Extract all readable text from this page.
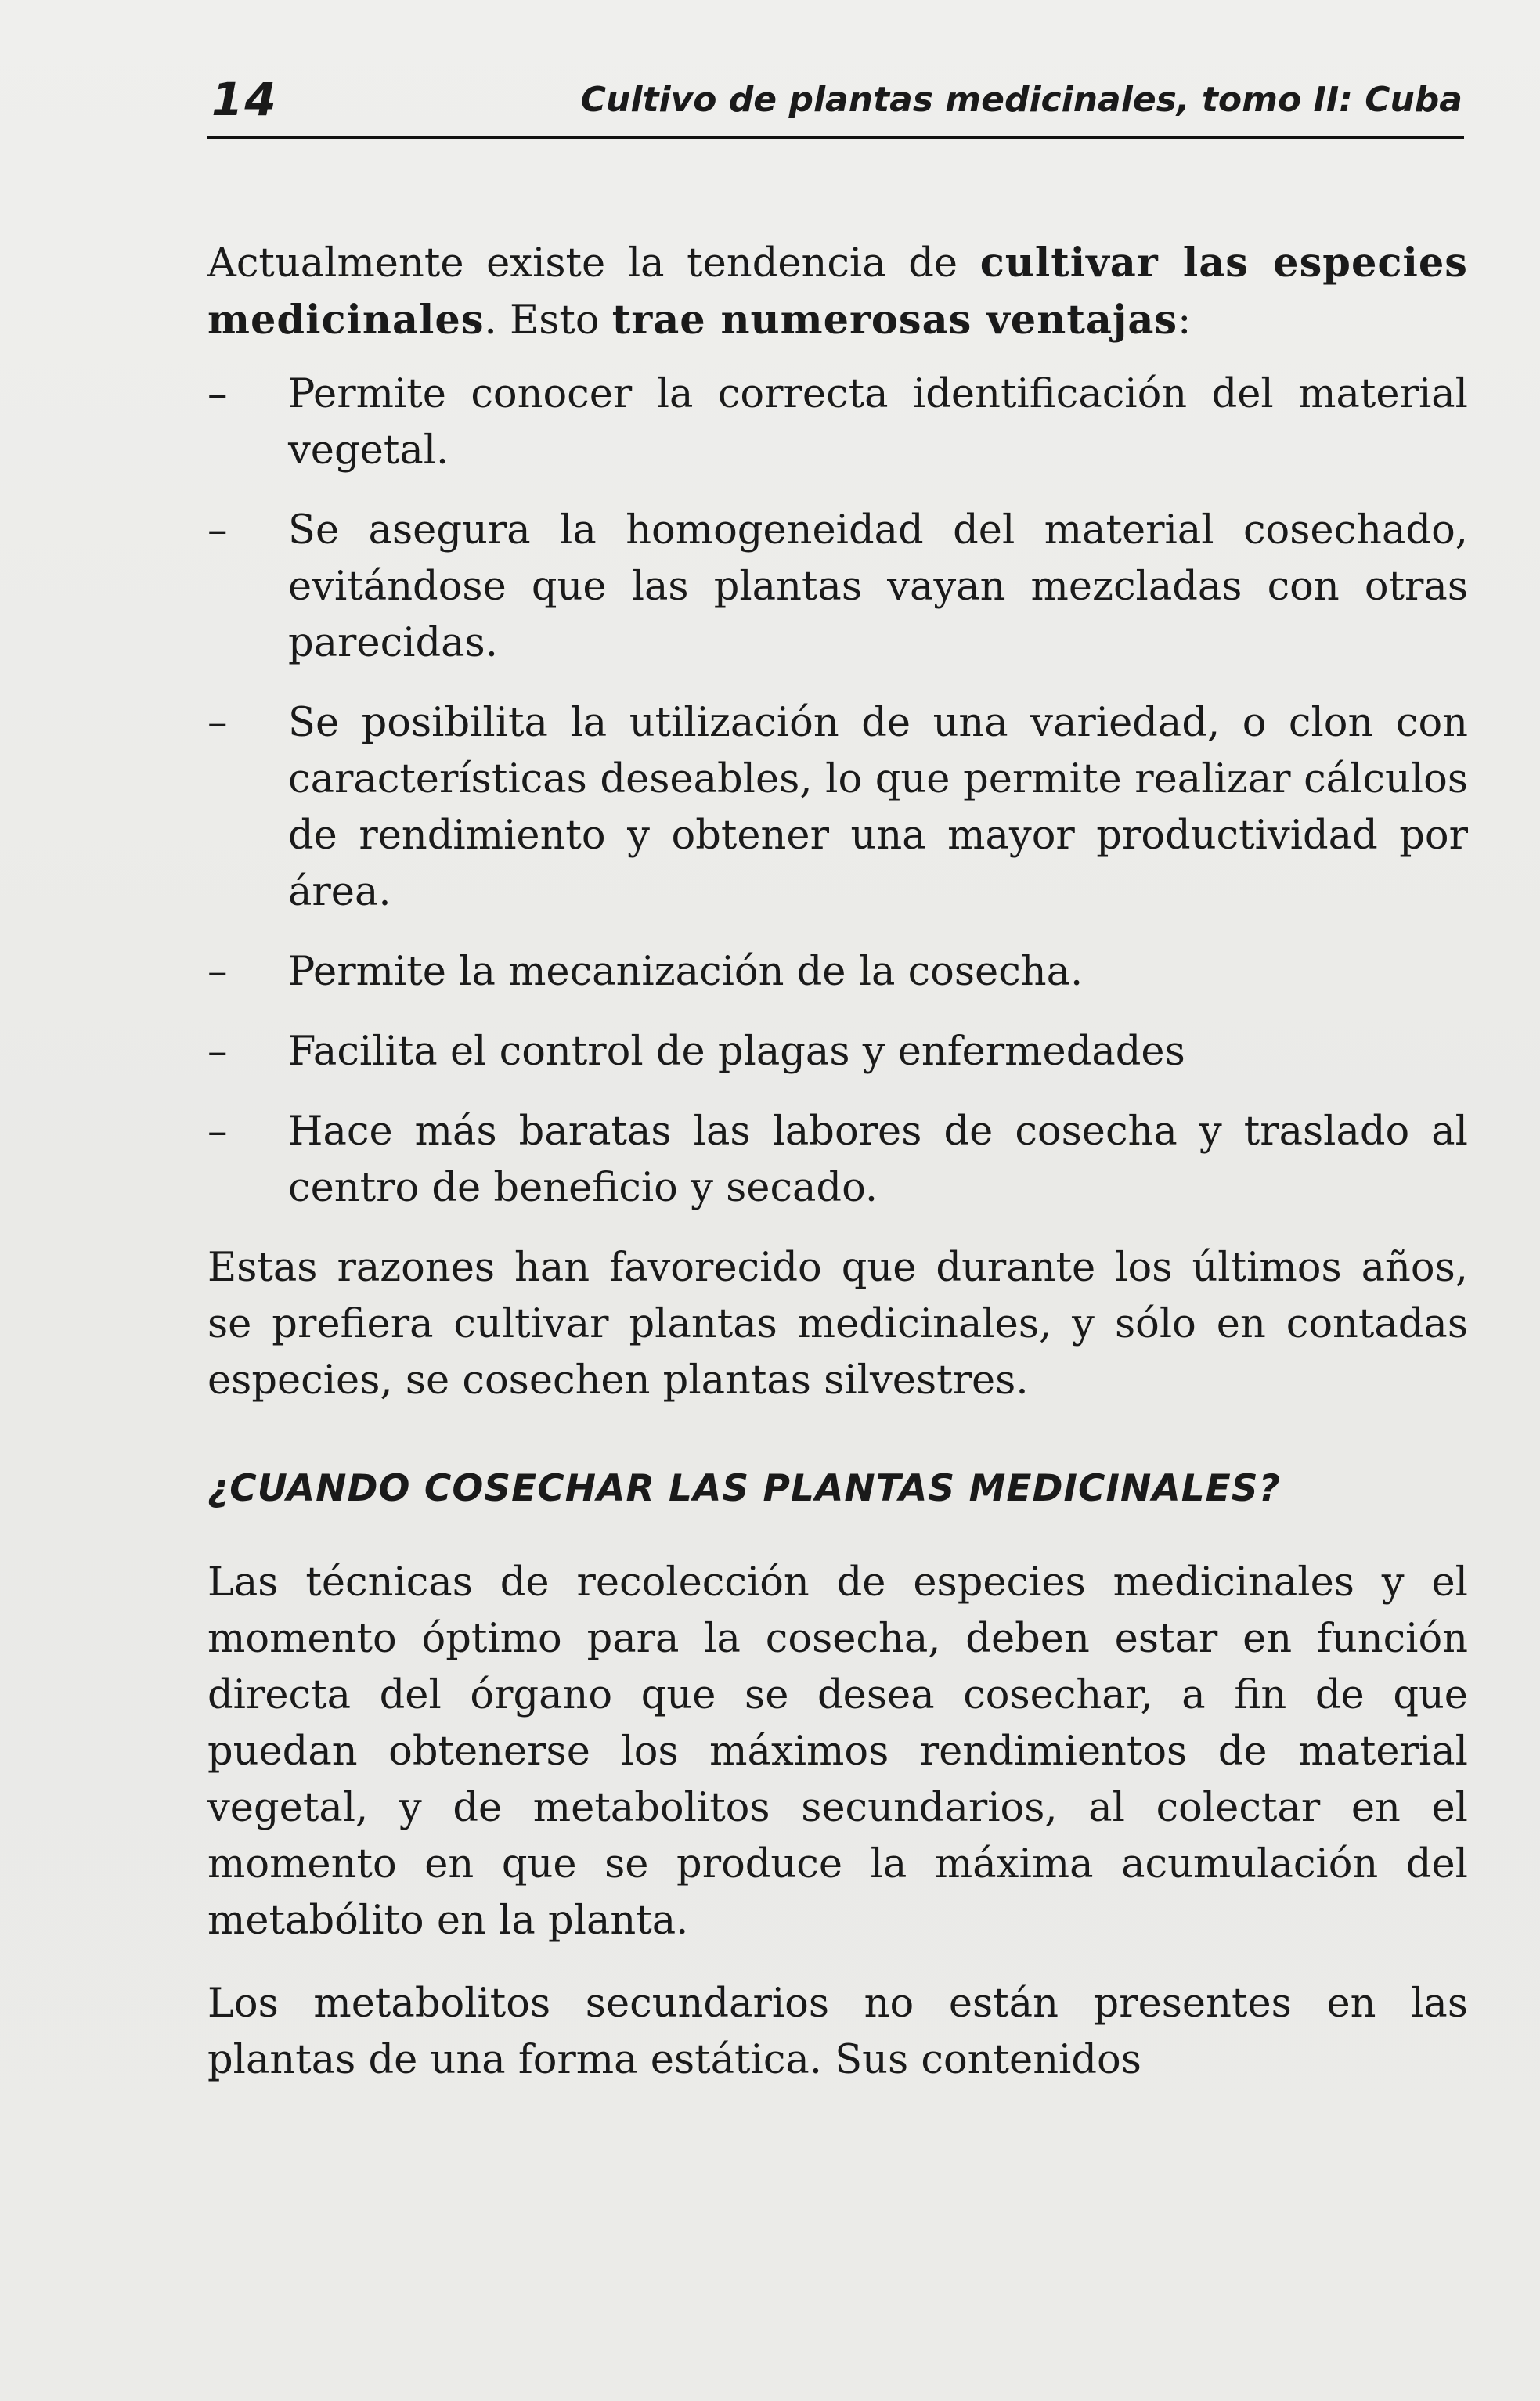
14	Cultivo de plantas medicinales, tomo II: Cuba

Actualmente existe la tendencia de cultivar las especies medicinales. Esto trae numerosas ventajas:

–	Permite conocer la correcta identificación del material vegetal.
–	Se asegura la homogeneidad del material cosechado, evitándose que las plantas vayan mezcladas con otras parecidas.
–	Se posibilita la utilización de una variedad, o clon con características deseables, lo que permite realizar cálculos de rendimiento y obtener una mayor productividad por área.
–	Permite la mecanización de la cosecha.
–	Facilita el control de plagas y enfermedades
–	Hace más baratas las labores de cosecha y traslado al centro de beneficio y secado.

Estas razones han favorecido que durante los últimos años, se prefiera cultivar plantas medicinales, y sólo en contadas especies, se cosechen plantas silvestres.

¿CUANDO COSECHAR LAS PLANTAS MEDICINALES?

Las técnicas de recolección de especies medicinales y el momento óptimo para la cosecha, deben estar en función directa del órgano que se desea cosechar, a fin de que puedan obtenerse los máximos rendimientos de material vegetal, y de metabolitos secundarios, al colectar en el momento en que se produce la máxima acumulación del metabólito en la planta.

Los metabolitos secundarios no están presentes en las plantas de una forma estática. Sus contenidos
